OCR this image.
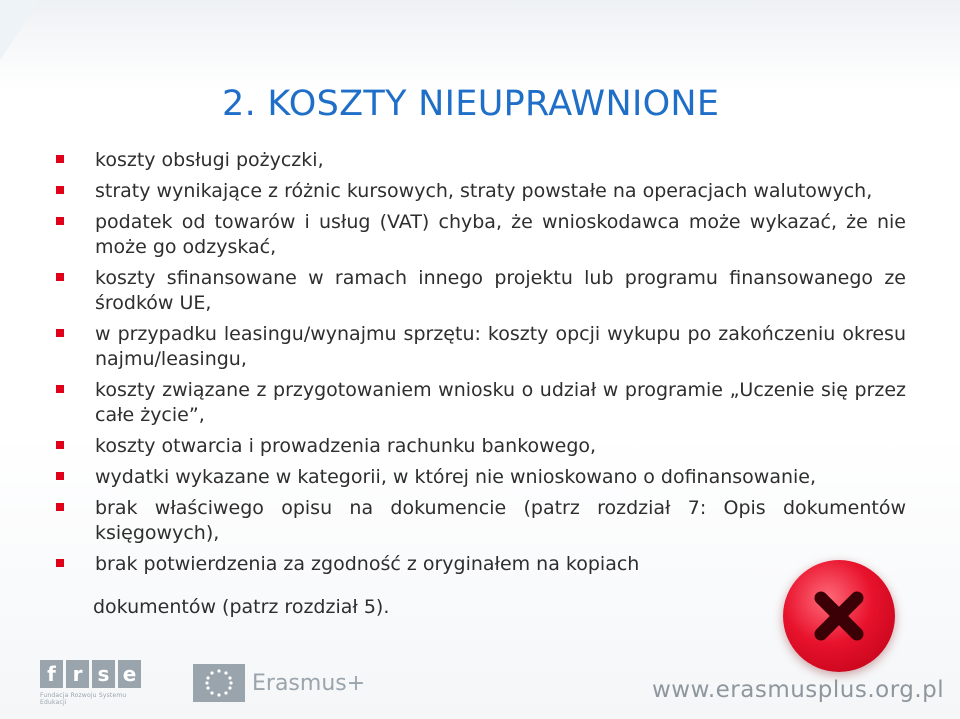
2. KOSZTY NIEUPRAWNIONE
koszty obsługi pożyczki,
straty wynikające z różnic kursowych, straty powstałe na operacjach walutowych,
podatek od towarów i usług (VAT) chyba, że wnioskodawca może wykazać, że nie może go odzyskać,
koszty sfinansowane w ramach innego projektu lub programu finansowanego ze środków UE,
w przypadku leasingu/wynajmu sprzętu: koszty opcji wykupu po zakończeniu okresu najmu/leasingu,
koszty związane z przygotowaniem wniosku o udział w programie „Uczenie się przez całe życie”,
koszty otwarcia i prowadzenia rachunku bankowego,
wydatki wykazane w kategorii, w której nie wnioskowano o dofinansowanie,
brak właściwego opisu na dokumencie (patrz rozdział 7: Opis dokumentów księgowych),
brak potwierdzenia za zgodność z oryginałem na kopiach
dokumentów (patrz rozdział 5).
f r s e
Fundacja Rozwoju Systemu Edukacji
Erasmus+	www.erasmusplus.org.pl
